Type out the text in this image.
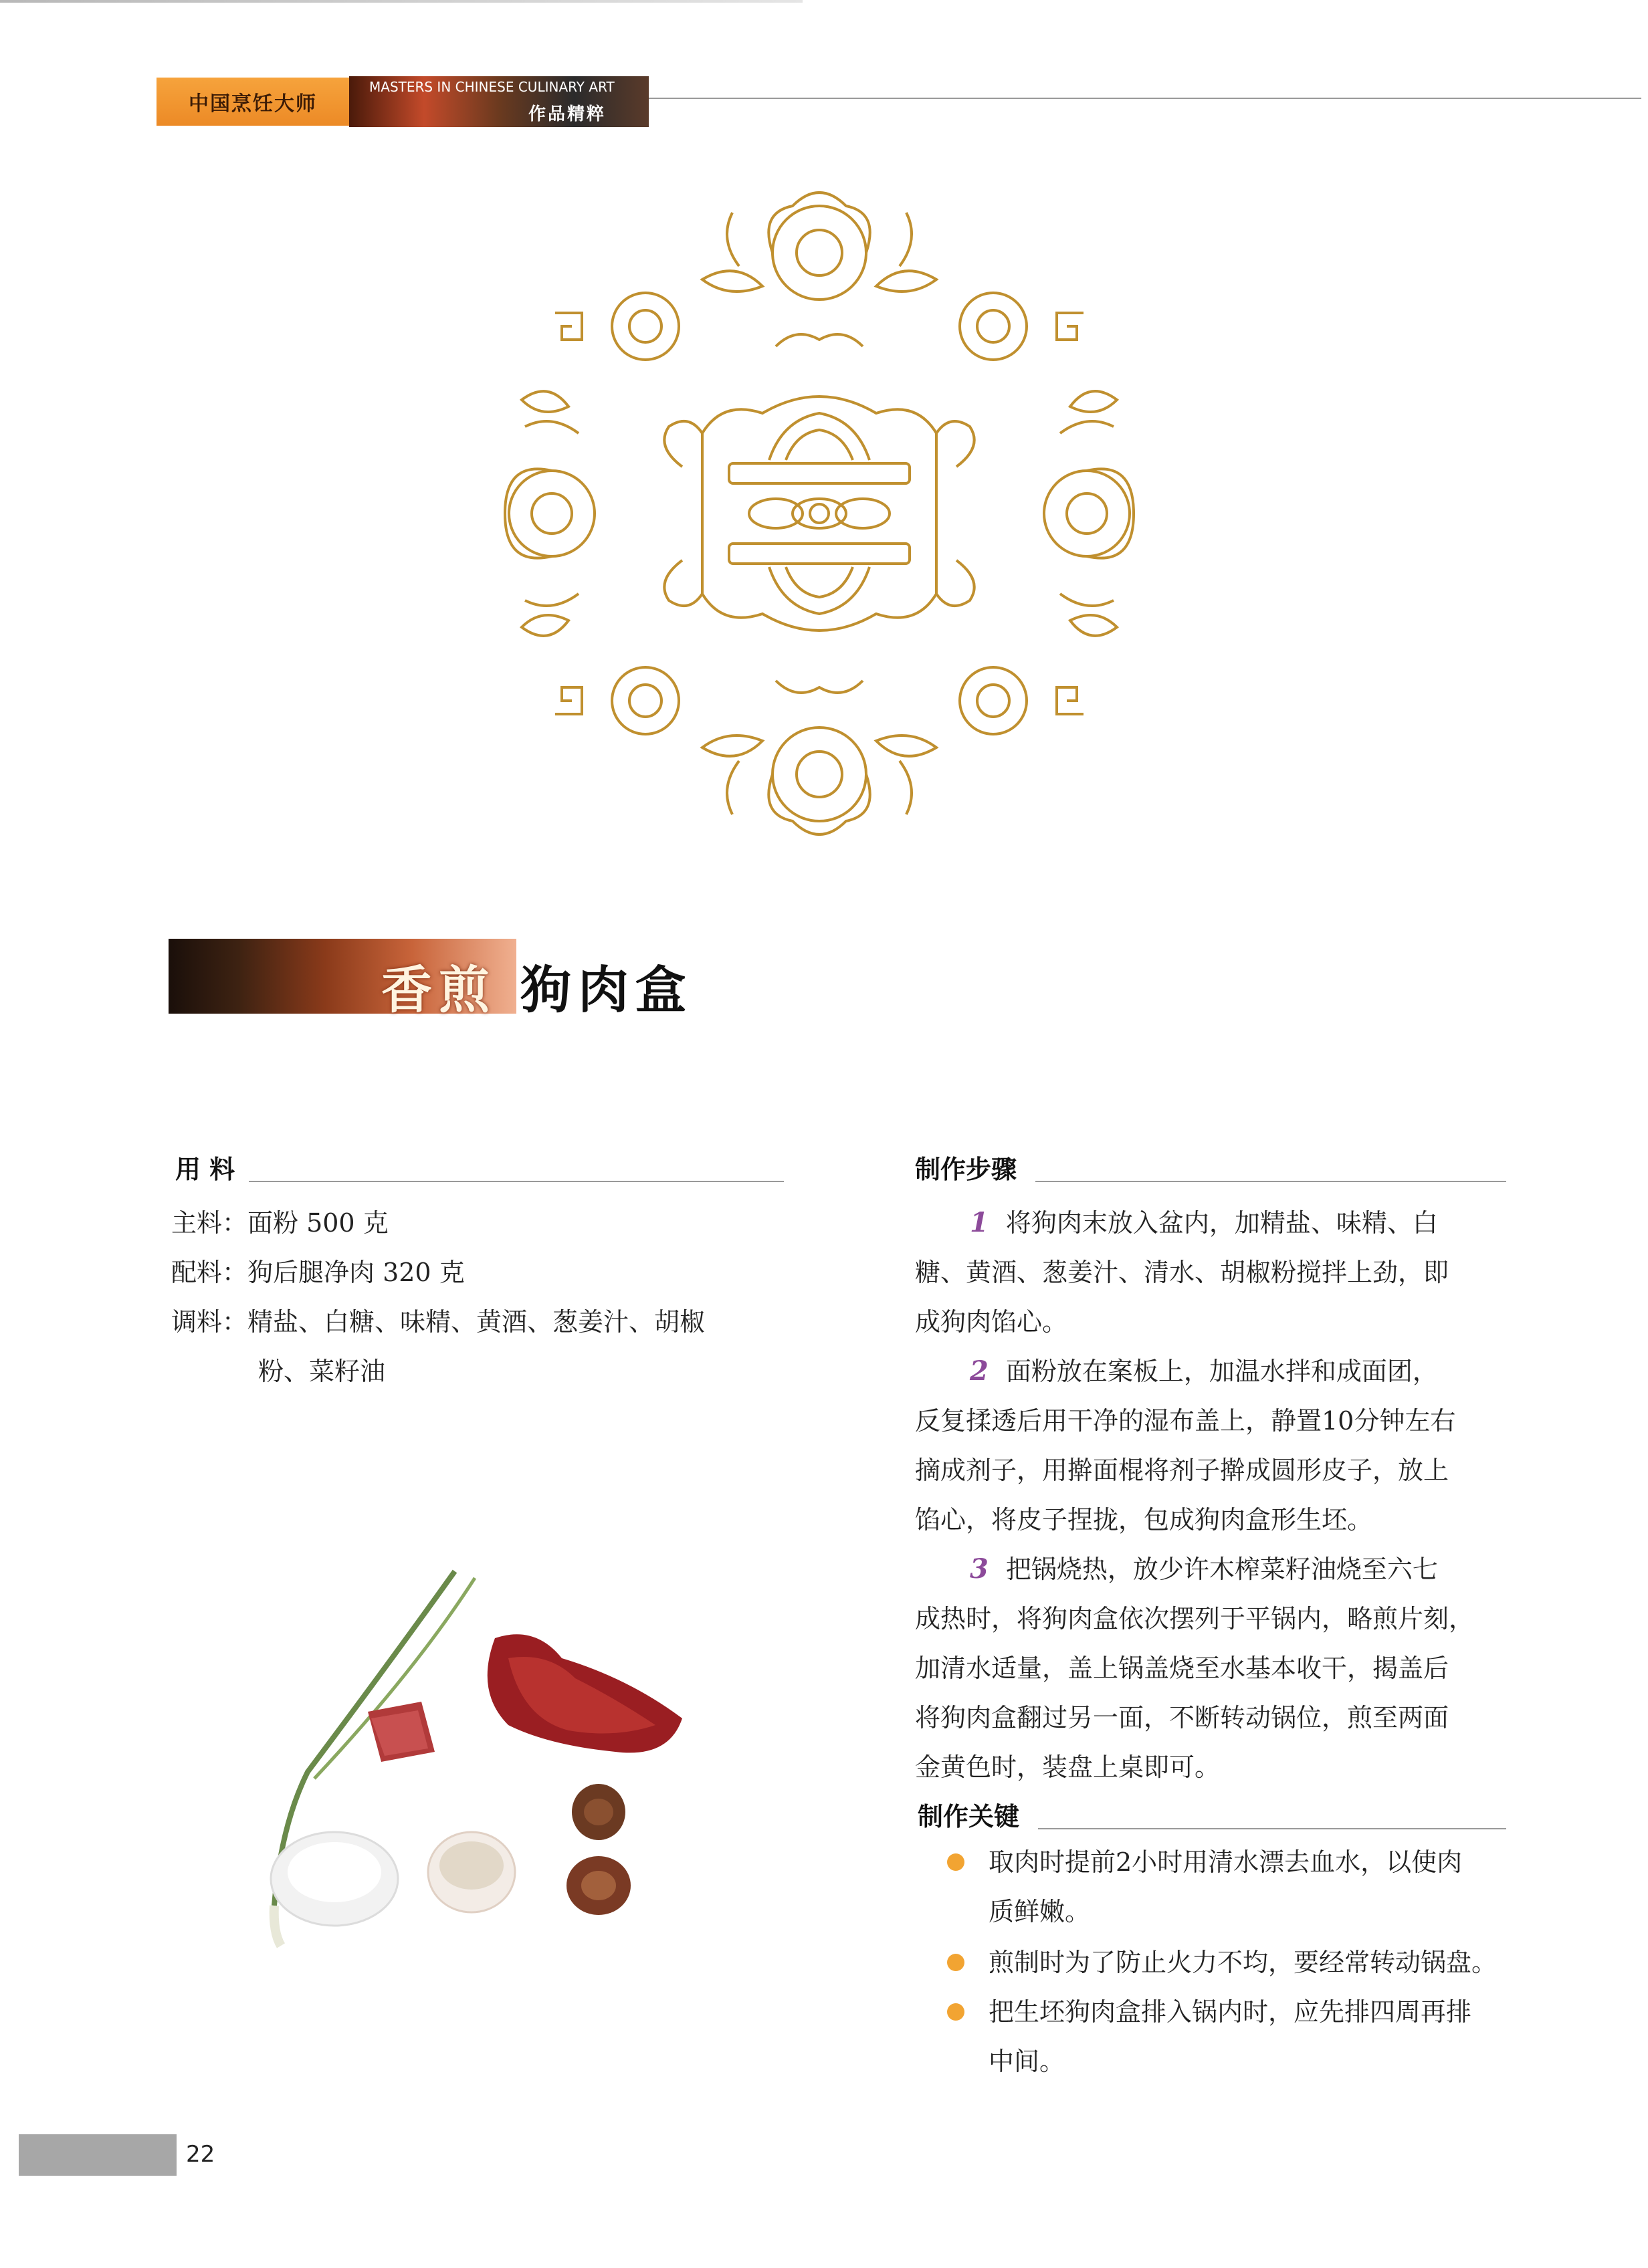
中国烹饪大师
MASTERS IN CHINESE CULINARY ART
作品精粹
香煎 狗肉盒
用 料
主料：面粉 500 克
配料：狗后腿净肉 320 克
调料：精盐、白糖、味精、黄酒、葱姜汁、胡椒
粉、菜籽油
制作步骤
1 将狗肉末放入盆内，加精盐、味精、白
糖、黄酒、葱姜汁、清水、胡椒粉搅拌上劲，即
成狗肉馅心。
2 面粉放在案板上，加温水拌和成面团，
反复揉透后用干净的湿布盖上，静置10分钟左右
摘成剂子，用擀面棍将剂子擀成圆形皮子，放上
馅心，将皮子捏拢，包成狗肉盒形生坯。
3 把锅烧热，放少许木榨菜籽油烧至六七
成热时，将狗肉盒依次摆列于平锅内，略煎片刻，
加清水适量，盖上锅盖烧至水基本收干，揭盖后
将狗肉盒翻过另一面，不断转动锅位，煎至两面
金黄色时，装盘上桌即可。
制作关键
取肉时提前2小时用清水漂去血水，以使肉
质鲜嫩。
煎制时为了防止火力不均，要经常转动锅盘。
把生坯狗肉盒排入锅内时，应先排四周再排
中间。
22
